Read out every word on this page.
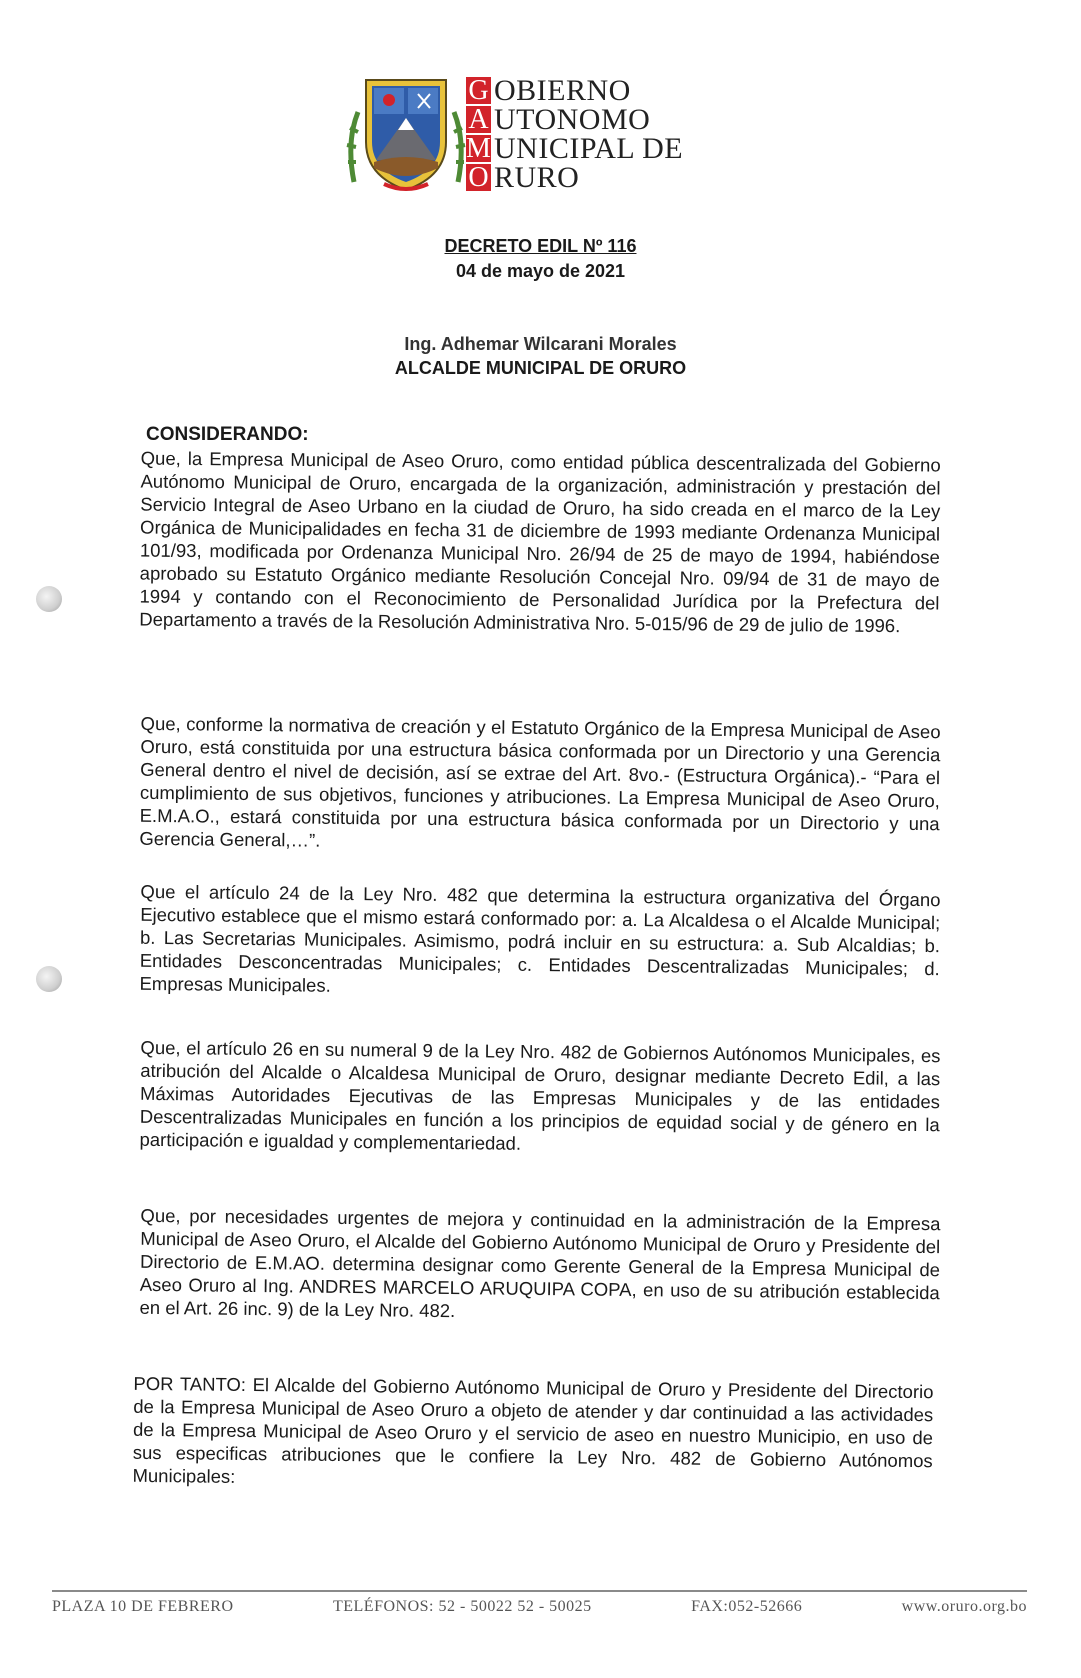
G OBIERNO
A UTONOMO
M UNICIPAL DE
O RURO
DECRETO EDIL Nº 116
04 de mayo de 2021
Ing. Adhemar Wilcarani Morales
ALCALDE MUNICIPAL DE ORURO
CONSIDERANDO:
Que, la Empresa Municipal de Aseo Oruro, como entidad pública descentralizada del Gobierno Autónomo Municipal de Oruro, encargada de la organización, administración y prestación del Servicio Integral de Aseo Urbano en la ciudad de Oruro, ha sido creada en el marco de la Ley Orgánica de Municipalidades en fecha 31 de diciembre de 1993 mediante Ordenanza Municipal 101/93, modificada por Ordenanza Municipal Nro. 26/94 de 25 de mayo de 1994, habiéndose aprobado su Estatuto Orgánico mediante Resolución Concejal Nro. 09/94 de 31 de mayo de 1994 y contando con el Reconocimiento de Personalidad Jurídica por la Prefectura del Departamento a través de la Resolución Administrativa Nro. 5-015/96 de 29 de julio de 1996.
Que, conforme la normativa de creación y el Estatuto Orgánico de la Empresa Municipal de Aseo Oruro, está constituida por una estructura básica conformada por un Directorio y una Gerencia General dentro el nivel de decisión, así se extrae del Art. 8vo.- (Estructura Orgánica).- “Para el cumplimiento de sus objetivos, funciones y atribuciones. La Empresa Municipal de Aseo Oruro, E.M.A.O., estará constituida por una estructura básica conformada por un Directorio y una Gerencia General,…”.
Que el artículo 24 de la Ley Nro. 482 que determina la estructura organizativa del Órgano Ejecutivo establece que el mismo estará conformado por: a. La Alcaldesa o el Alcalde Municipal; b. Las Secretarias Municipales. Asimismo, podrá incluir en su estructura: a. Sub Alcaldias; b. Entidades Desconcentradas Municipales; c. Entidades Descentralizadas Municipales; d. Empresas Municipales.
Que, el artículo 26 en su numeral 9 de la Ley Nro. 482 de Gobiernos Autónomos Municipales, es atribución del Alcalde o Alcaldesa Municipal de Oruro, designar mediante Decreto Edil, a las Máximas Autoridades Ejecutivas de las Empresas Municipales y de las entidades Descentralizadas Municipales en función a los principios de equidad social y de género en la participación e igualdad y complementariedad.
Que, por necesidades urgentes de mejora y continuidad en la administración de la Empresa Municipal de Aseo Oruro, el Alcalde del Gobierno Autónomo Municipal de Oruro y Presidente del Directorio de E.M.AO. determina designar como Gerente General de la Empresa Municipal de Aseo Oruro al Ing. ANDRES MARCELO ARUQUIPA COPA, en uso de su atribución establecida en el Art. 26 inc. 9) de la Ley Nro. 482.
POR TANTO: El Alcalde del Gobierno Autónomo Municipal de Oruro y Presidente del Directorio de la Empresa Municipal de Aseo Oruro a objeto de atender y dar continuidad a las actividades de la Empresa Municipal de Aseo Oruro y el servicio de aseo en nuestro Municipio, en uso de sus especificas atribuciones que le confiere la Ley Nro. 482 de Gobierno Autónomos Municipales:
PLAZA 10 DE FEBRERO	TELÉFONOS: 52 - 50022 52 - 50025	FAX:052-52666	www.oruro.org.bo
